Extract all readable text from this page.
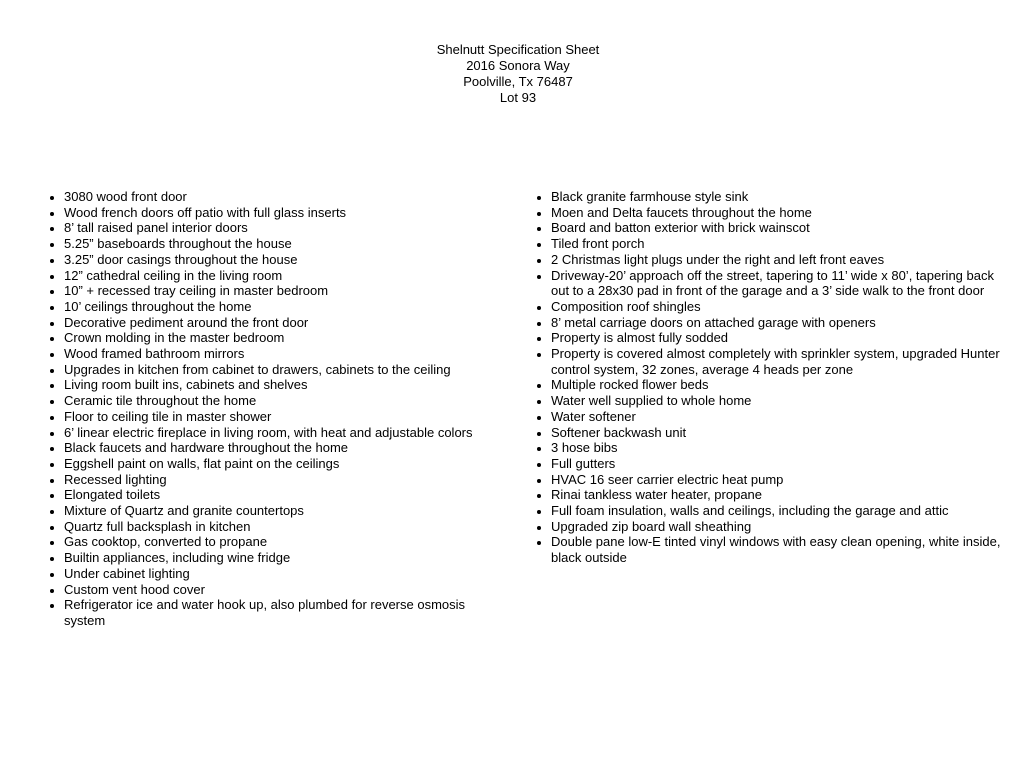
Shelnutt Specification Sheet
2016 Sonora Way
Poolville, Tx 76487
Lot 93
• 3080 wood front door
• Wood french doors off patio with full glass inserts
• 8’ tall raised panel interior doors
• 5.25” baseboards throughout the house
• 3.25” door casings throughout the house
• 12” cathedral ceiling in the living room
• 10” + recessed tray ceiling in master bedroom
• 10’ ceilings throughout the home
• Decorative pediment around the front door
• Crown molding in the master bedroom
• Wood framed bathroom mirrors
• Upgrades in kitchen from cabinet to drawers, cabinets to the ceiling
• Living room built ins, cabinets and shelves
• Ceramic tile throughout the home
• Floor to ceiling tile in master shower
• 6’ linear electric fireplace in living room, with heat and adjustable colors
• Black faucets and hardware throughout the home
• Eggshell paint on walls, flat paint on the ceilings
• Recessed lighting
• Elongated toilets
• Mixture of Quartz and granite countertops
• Quartz full backsplash in kitchen
• Gas cooktop, converted to propane
• Builtin appliances, including wine fridge
• Under cabinet lighting
• Custom vent hood cover
• Refrigerator ice and water hook up, also plumbed for reverse osmosis system
• Black granite farmhouse style sink
• Moen and Delta faucets throughout the home
• Board and batton exterior with brick wainscot
• Tiled front porch
• 2 Christmas light plugs under the right and left front eaves
• Driveway-20’ approach off the street, tapering to 11’ wide x 80’, tapering back out to a 28x30 pad in front of the garage and a 3’ side walk to the front door
• Composition roof shingles
• 8’ metal carriage doors on attached garage with openers
• Property is almost fully sodded
• Property is covered almost completely with sprinkler system, upgraded Hunter control system, 32 zones, average 4 heads per zone
• Multiple rocked flower beds
• Water well supplied to whole home
• Water softener
• Softener backwash unit
• 3 hose bibs
• Full gutters
• HVAC 16 seer carrier electric heat pump
• Rinai tankless water heater, propane
• Full foam insulation, walls and ceilings, including the garage and attic
• Upgraded zip board wall sheathing
• Double pane low-E tinted vinyl windows with easy clean opening, white inside, black outside
